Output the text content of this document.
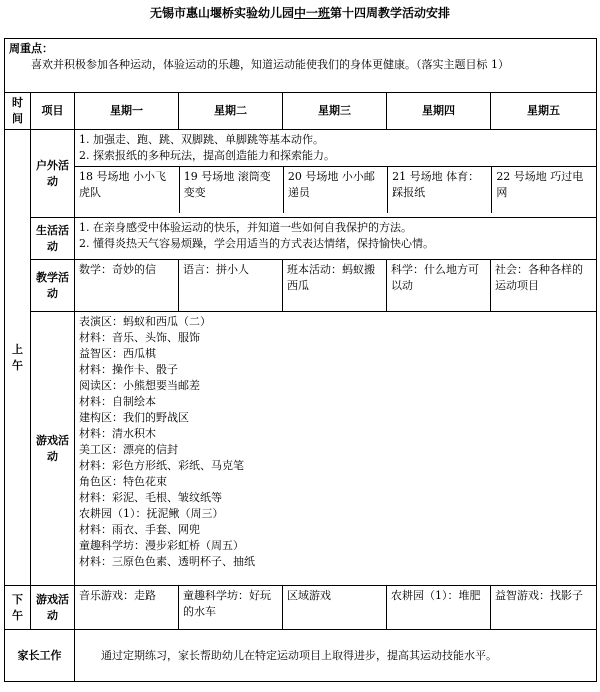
无锡市惠山堰桥实验幼儿园中一班第十四周教学活动安排
周重点：
喜欢并积极参加各种运动，体验运动的乐趣，知道运动能使我们的身体更健康。（落实主题目标 1）

时间	项目	星期一	星期二	星期三	星期四	星期五
上午	户外活动	
1. 加强走、跑、跳、双脚跳、单脚跳等基本动作。
2. 探索报纸的多种玩法，提高创造能力和探索能力。

18 号场地 小小飞虎队	19 号场地 滚筒变变变	20 号场地 小小邮递员	21 号场地 体育：踩报纸	22 号场地 巧过电网

生活活动	
1. 在亲身感受中体验运动的快乐，并知道一些如何自我保护的方法。
2. 懂得炎热天气容易烦躁，学会用适当的方式表达情绪，保持愉快心情。

教学活动	数学：奇妙的信	语言：拼小人	班本活动：蚂蚁搬西瓜	科学：什么地方可以动	社会：各种各样的运动项目
游戏活动	
表演区：蚂蚁和西瓜（二）
材料：音乐、头饰、服饰
益智区：西瓜棋
材料：操作卡、骰子
阅读区：小熊想要当邮差
材料：自制绘本
建构区：我们的野战区
材料：清水积木
美工区：漂亮的信封
材料：彩色方形纸、彩纸、马克笔
角色区：特色花束
材料：彩泥、毛根、皱纹纸等
农耕园（1）：抚泥鳅（周三）
材料：雨衣、手套、网兜
童趣科学坊：漫步彩虹桥（周五）
材料：三原色色素、透明杯子、抽纸

下午	游戏活动	音乐游戏：走路	童趣科学坊：好玩的水车	区域游戏	农耕园（1）：堆肥	益智游戏：找影子
家长工作	通过定期练习，家长帮助幼儿在特定运动项目上取得进步，提高其运动技能水平。
